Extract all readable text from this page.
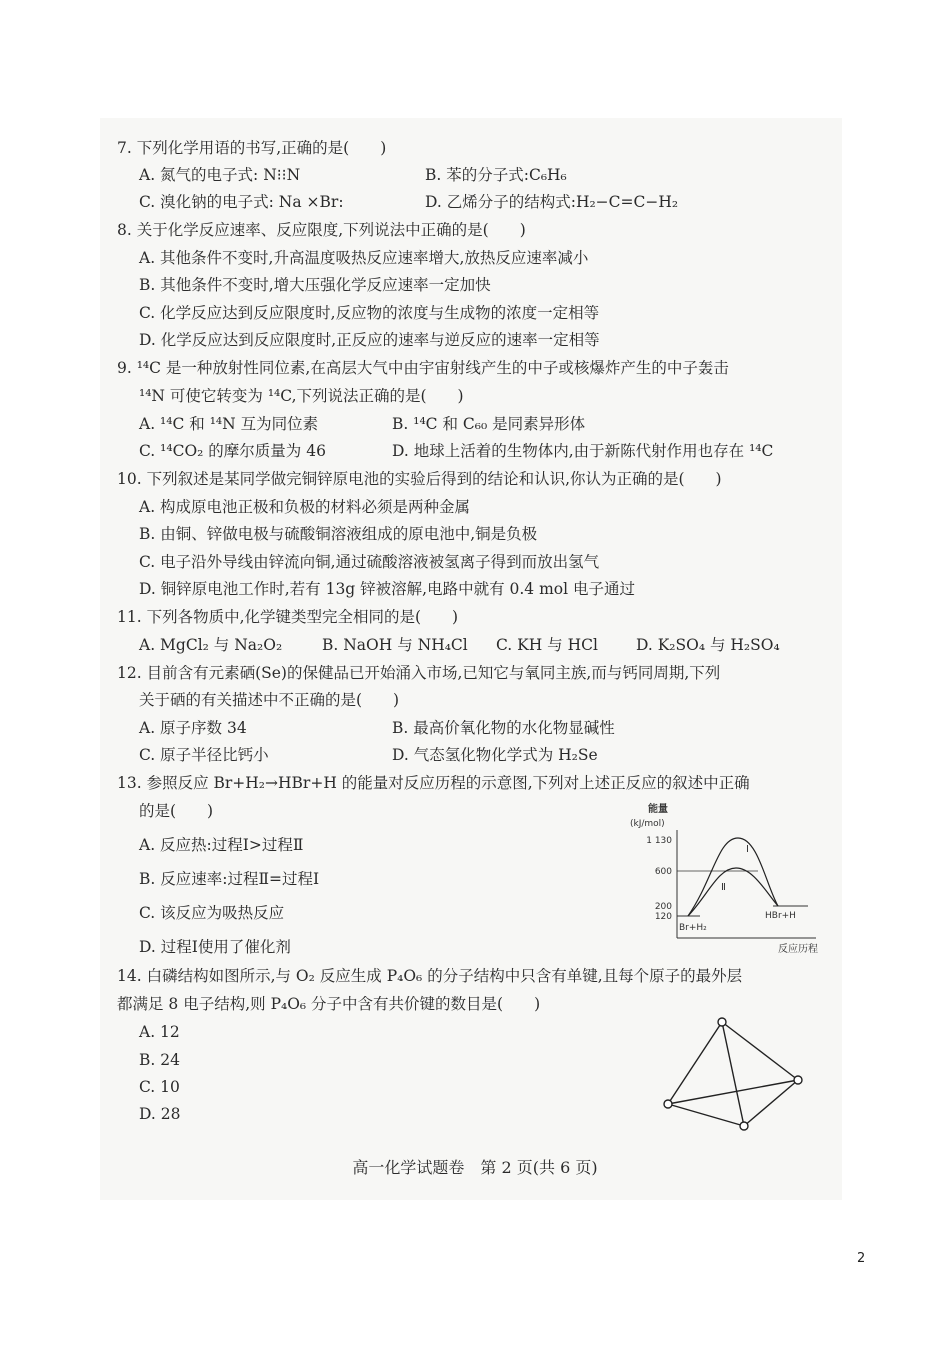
7. 下列化学用语的书写,正确的是(　　)
A. 氮气的电子式: N⁝⁝N	B. 苯的分子式:C₆H₆
C. 溴化钠的电子式: Na ×Br:	D. 乙烯分子的结构式:H₂−C=C−H₂
8. 关于化学反应速率、反应限度,下列说法中正确的是(　　)
A. 其他条件不变时,升高温度吸热反应速率增大,放热反应速率减小
B. 其他条件不变时,增大压强化学反应速率一定加快
C. 化学反应达到反应限度时,反应物的浓度与生成物的浓度一定相等
D. 化学反应达到反应限度时,正反应的速率与逆反应的速率一定相等
9. ¹⁴C 是一种放射性同位素,在高层大气中由宇宙射线产生的中子或核爆炸产生的中子轰击
¹⁴N 可使它转变为 ¹⁴C,下列说法正确的是(　　)
A. ¹⁴C 和 ¹⁴N 互为同位素	B. ¹⁴C 和 C₆₀ 是同素异形体
C. ¹⁴CO₂ 的摩尔质量为 46	D. 地球上活着的生物体内,由于新陈代射作用也存在 ¹⁴C
10. 下列叙述是某同学做完铜锌原电池的实验后得到的结论和认识,你认为正确的是(　　)
A. 构成原电池正极和负极的材料必须是两种金属
B. 由铜、锌做电极与硫酸铜溶液组成的原电池中,铜是负极
C. 电子沿外导线由锌流向铜,通过硫酸溶液被氢离子得到而放出氢气
D. 铜锌原电池工作时,若有 13g 锌被溶解,电路中就有 0.4 mol 电子通过
11. 下列各物质中,化学键类型完全相同的是(　　)
A. MgCl₂ 与 Na₂O₂	B. NaOH 与 NH₄Cl C. KH 与 HCl D. K₂SO₄ 与 H₂SO₄
12. 目前含有元素硒(Se)的保健品已开始涌入市场,已知它与氧同主族,而与钙同周期,下列
关于硒的有关描述中不正确的是(　　)
A. 原子序数 34	B. 最高价氧化物的水化物显碱性
C. 原子半径比钙小	D. 气态氢化物化学式为 H₂Se
13. 参照反应 Br+H₂→HBr+H 的能量对反应历程的示意图,下列对上述正反应的叙述中正确
的是(　　)
A. 反应热:过程Ⅰ>过程Ⅱ
B. 反应速率:过程Ⅱ=过程Ⅰ
C. 该反应为吸热反应
D. 过程Ⅰ使用了催化剂
能量
(kJ/mol)
1 130
600
200
120
Ⅰ
Ⅱ
Br+H₂
HBr+H
反应历程
14. 白磷结构如图所示,与 O₂ 反应生成 P₄O₆ 的分子结构中只含有单键,且每个原子的最外层
都满足 8 电子结构,则 P₄O₆ 分子中含有共价键的数目是(　　)
A. 12
B. 24
C. 10
D. 28
高一化学试题卷　第 2 页(共 6 页)
2
